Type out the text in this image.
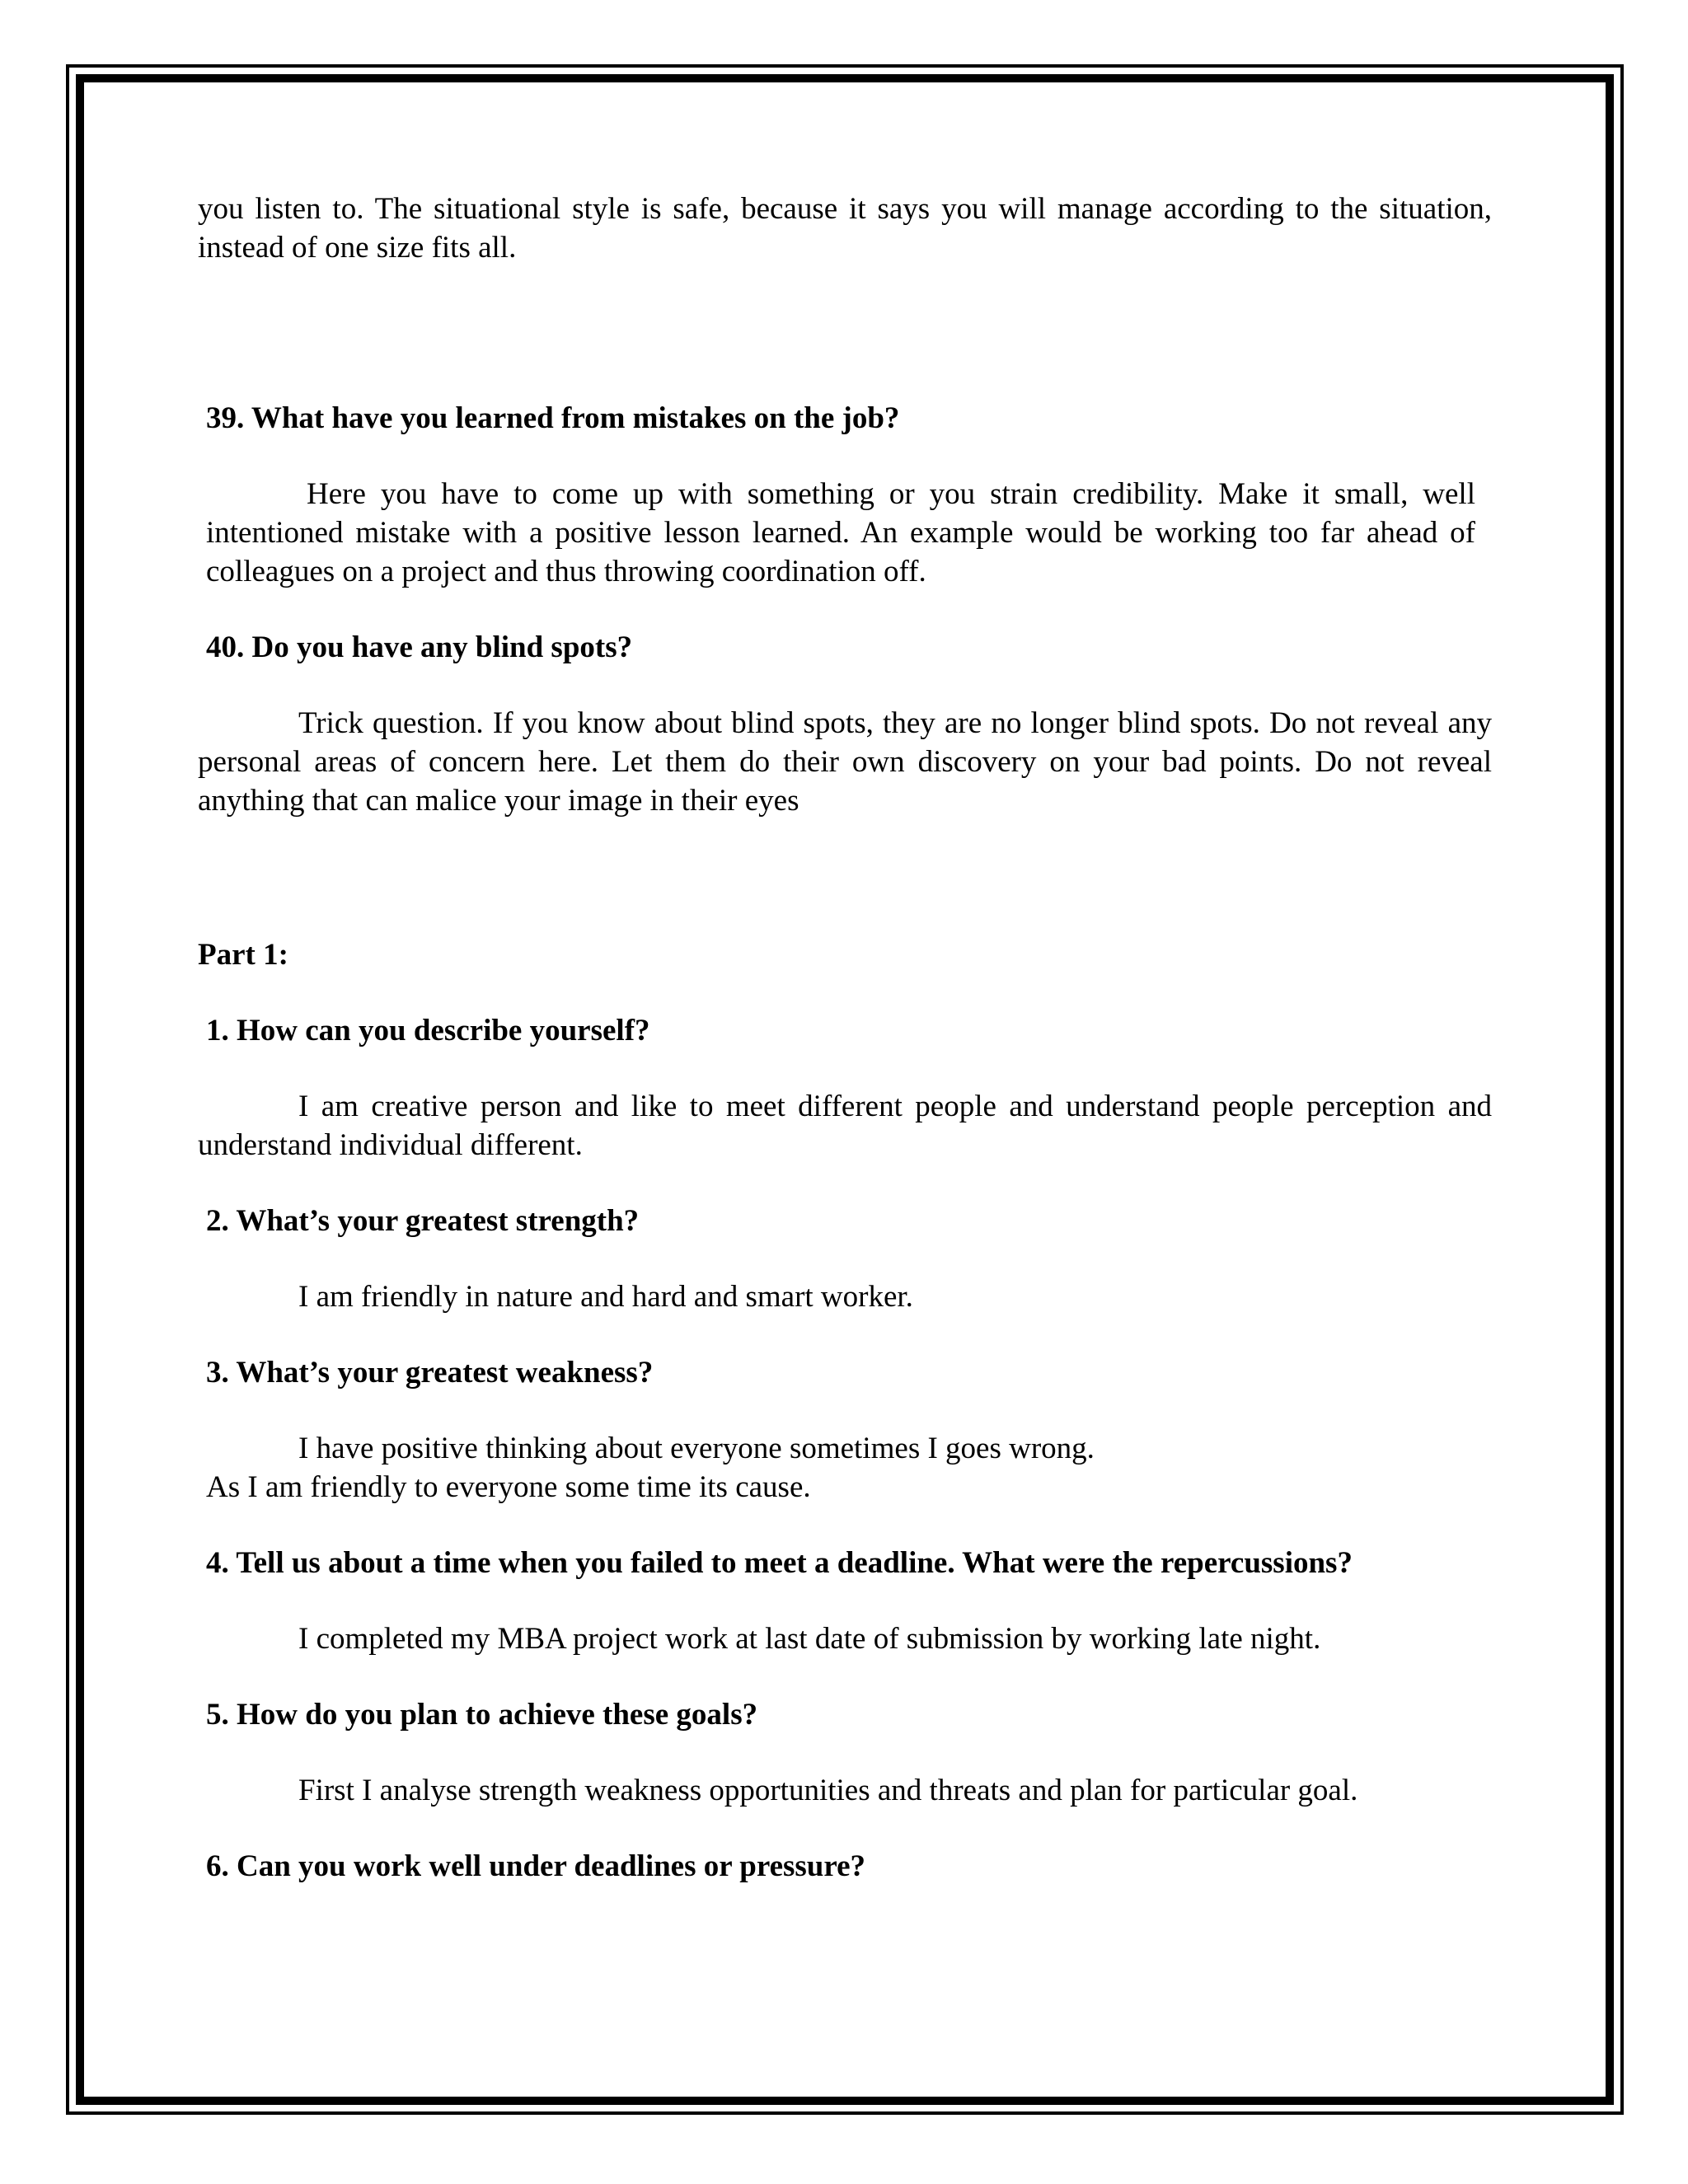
you listen to. The situational style is safe, because it says you will manage according to the situation, instead of one size fits all.

39. What have you learned from mistakes on the job?

Here you have to come up with something or you strain credibility. Make it small, well intentioned mistake with a positive lesson learned. An example would be working too far ahead of colleagues on a project and thus throwing coordination off.

40. Do you have any blind spots?

Trick question. If you know about blind spots, they are no longer blind spots. Do not reveal any personal areas of concern here. Let them do their own discovery on your bad points. Do not reveal anything that can malice your image in their eyes

Part 1:

1. How can you describe yourself?

I am creative person and like to meet different people and understand people perception and understand individual different.

2. What’s your greatest strength?

I am friendly in nature and hard and smart worker.

3. What’s your greatest weakness?

I have positive thinking about everyone sometimes I goes wrong.

As I am friendly to everyone some time its cause.

4. Tell us about a time when you failed to meet a deadline. What were the repercussions?

I completed my MBA project work at last date of submission by working late night.

5. How do you plan to achieve these goals?

First I analyse strength weakness opportunities and threats and plan for particular goal.

6. Can you work well under deadlines or pressure?
